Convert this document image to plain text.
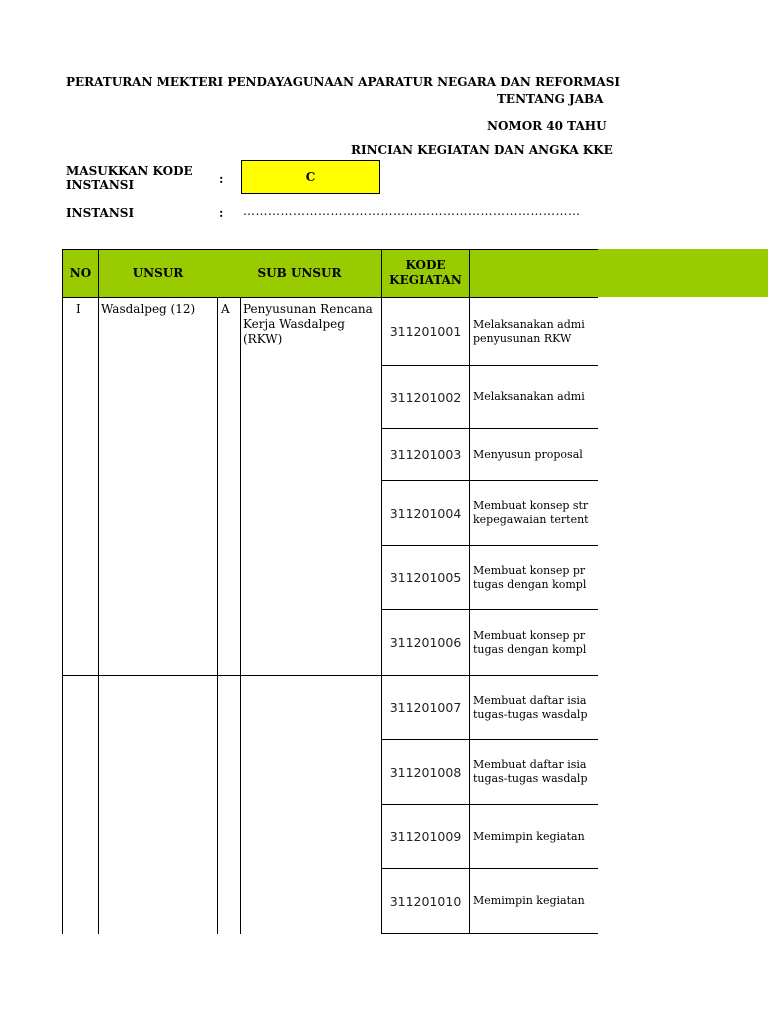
PERATURAN MEKTERI PENDAYAGUNAAN APARATUR NEGARA DAN REFORMASI
TENTANG JABA
NOMOR 40 TAHU
RINCIAN KEGIATAN DAN ANGKA KKE
MASUKKAN KODE INSTANSI	:	C
INSTANSI	: ………………………………………………………………………
NO	UNSUR	SUB UNSUR
KODE KEGIATAN
I Wasdalpeg (12)	A Penyusunan Rencana Kerja Wasdalpeg (RKW)	311201001	Melaksanakan admi
penyusunan RKW
311201002	Melaksanakan admi
311201003	Menyusun proposal
311201004	Membuat konsep str
kepegawaian tertent
311201005	Membuat konsep pr
tugas dengan kompl
311201006	Membuat konsep pr
tugas dengan kompl
311201007	Membuat daftar isia
tugas-tugas wasdalp
311201008	Membuat daftar isia
tugas-tugas wasdalp
311201009	Memimpin kegiatan
311201010	Memimpin kegiatan
